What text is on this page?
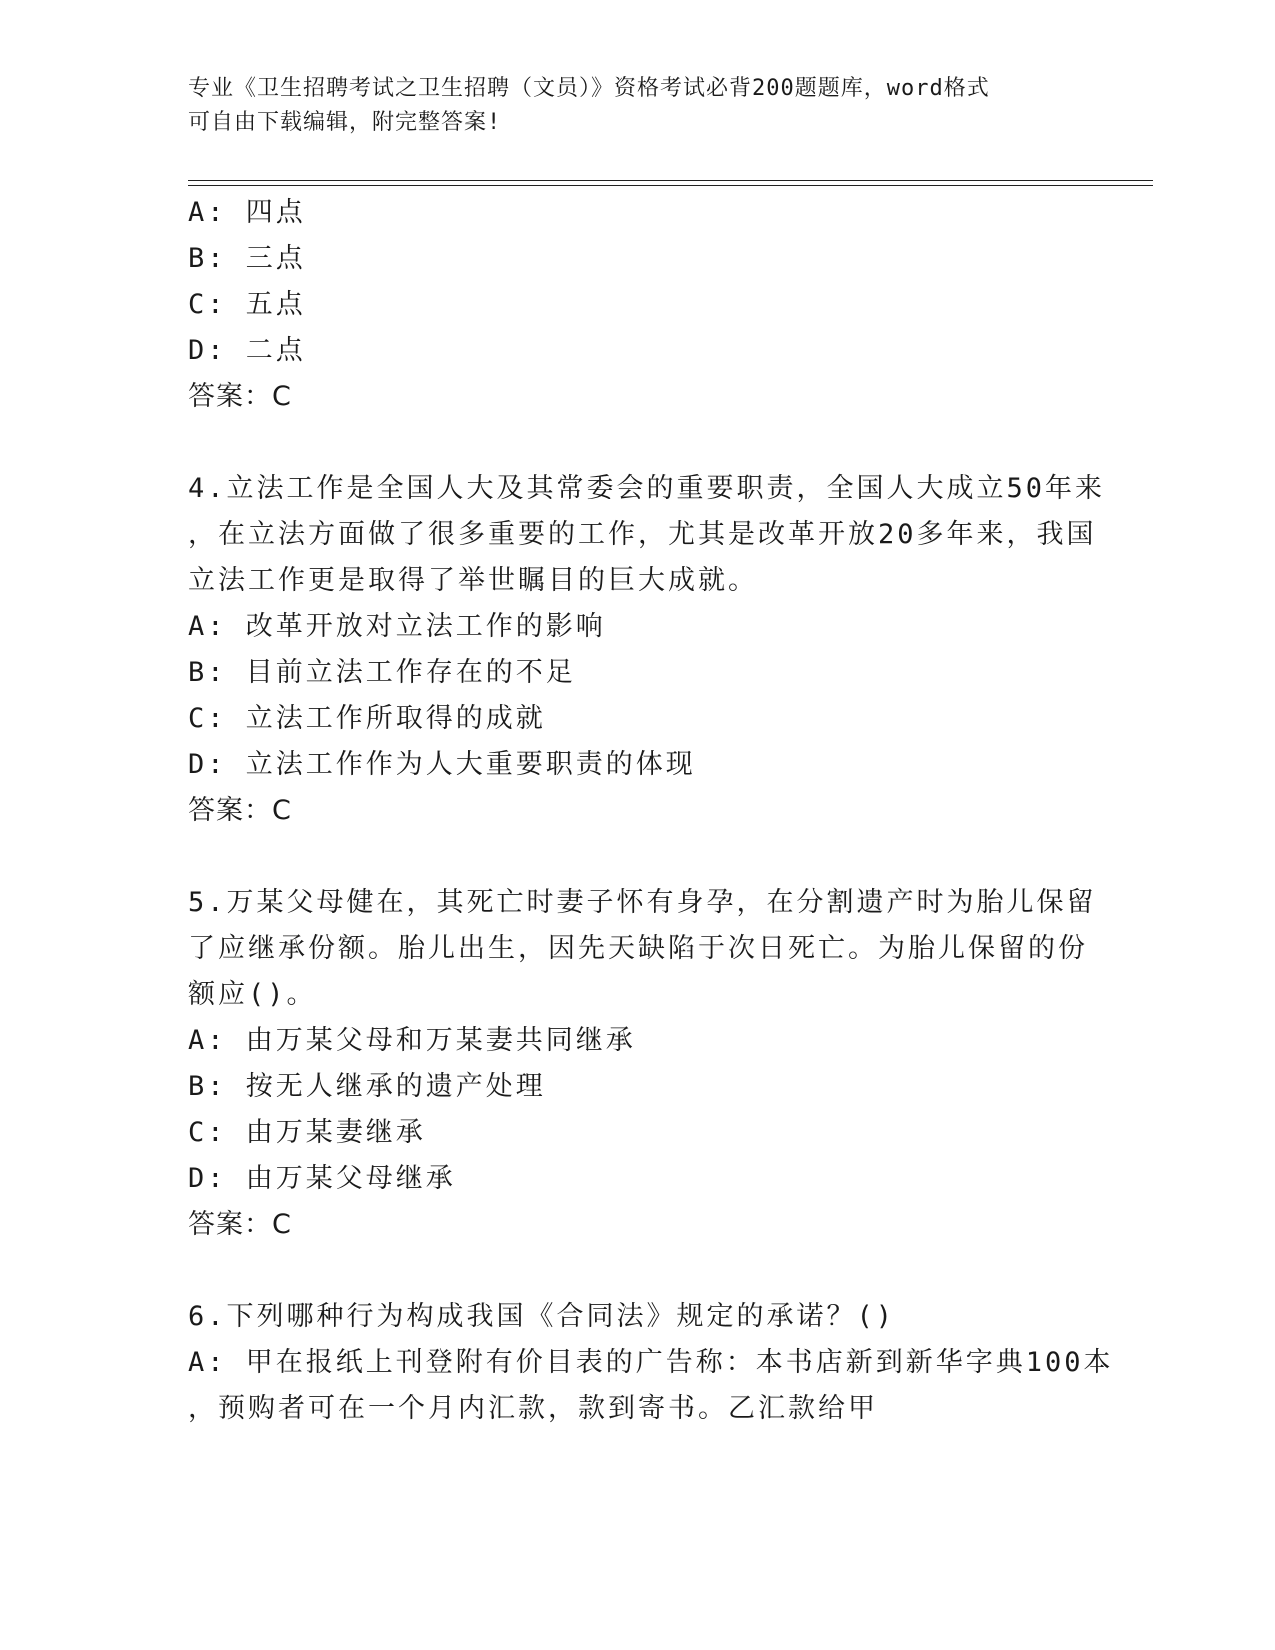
专业《卫生招聘考试之卫生招聘（文员）》资格考试必背200题题库，word格式
可自由下载编辑，附完整答案!
A: 四点
B: 三点
C: 五点
D: 二点
答案：C
4.立法工作是全国人大及其常委会的重要职责，全国人大成立50年来
，在立法方面做了很多重要的工作，尤其是改革开放20多年来，我国
立法工作更是取得了举世瞩目的巨大成就。
A: 改革开放对立法工作的影响
B: 目前立法工作存在的不足
C: 立法工作所取得的成就
D: 立法工作作为人大重要职责的体现
答案：C
5.万某父母健在，其死亡时妻子怀有身孕，在分割遗产时为胎儿保留
了应继承份额。胎儿出生，因先天缺陷于次日死亡。为胎儿保留的份
额应()。
A: 由万某父母和万某妻共同继承
B: 按无人继承的遗产处理
C: 由万某妻继承
D: 由万某父母继承
答案：C
6.下列哪种行为构成我国《合同法》规定的承诺？()
A: 甲在报纸上刊登附有价目表的广告称：本书店新到新华字典100本
，预购者可在一个月内汇款，款到寄书。乙汇款给甲
